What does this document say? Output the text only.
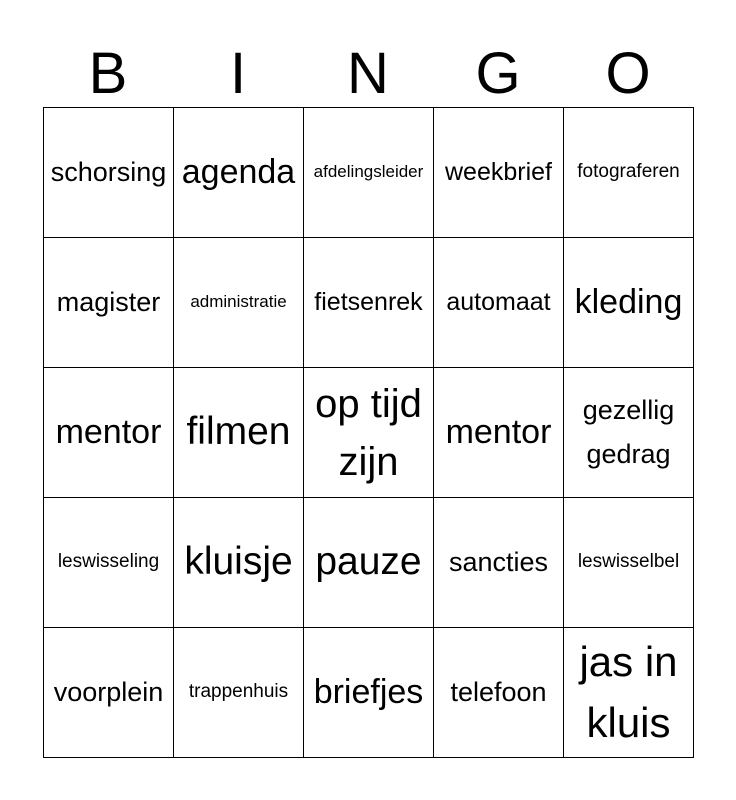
B	I	N	G	O
schorsing	agenda	afdelingsleider	weekbrief	fotograferen
magister	administratie	fietsenrek	automaat	kleding
mentor	filmen	op tijd zijn	mentor	gezellig gedrag
leswisseling	kluisje	pauze	sancties	leswisselbel
voorplein	trappenhuis	briefjes	telefoon	jas in kluis
